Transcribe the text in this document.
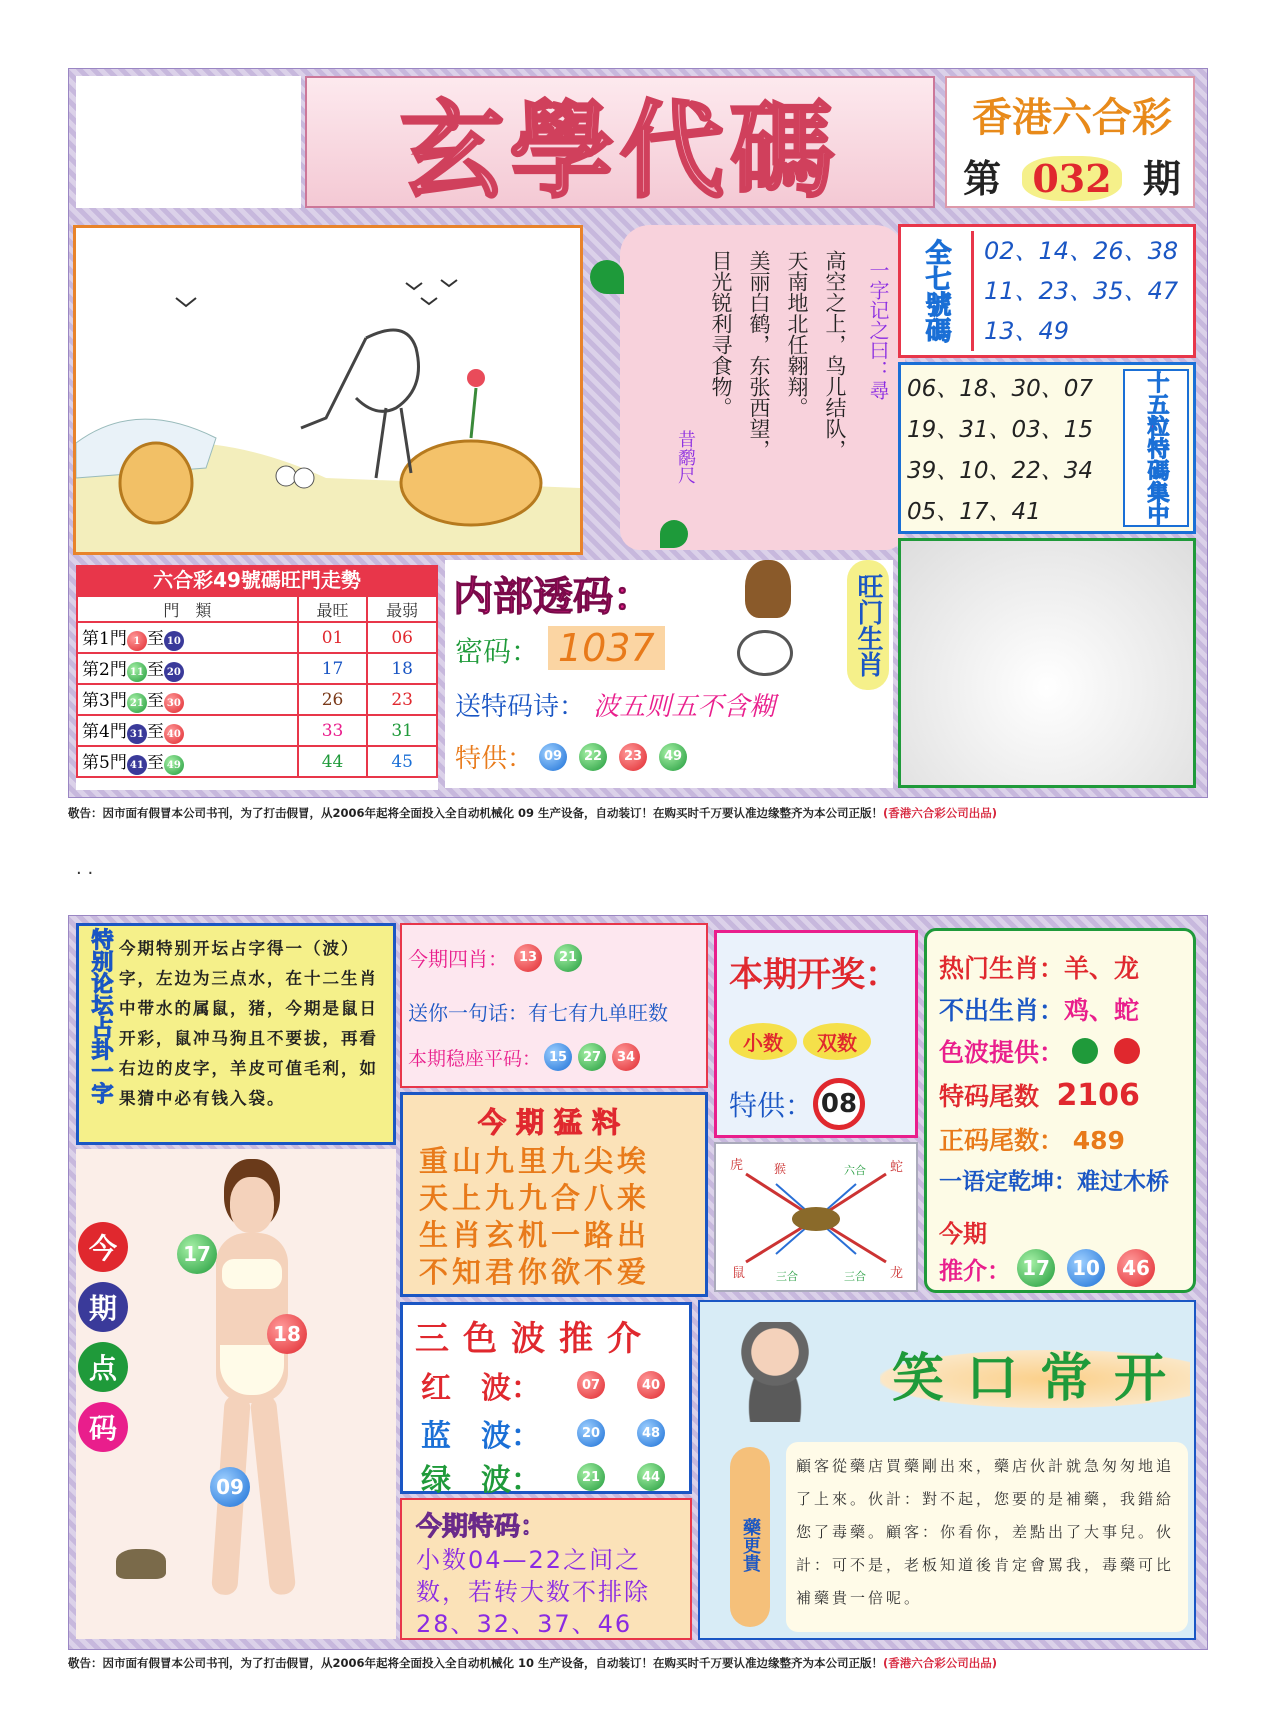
玄學代碼	香港六合彩
第 032 期
一字记之曰：尋
高空之上，鸟儿结队，
天南地北任翱翔。
美丽白鹤，东张西望，
目光锐利寻食物。
昔鹬尺
全七號碼	02、14、26、38
11、23、35、47
13、49
06、18、30、07
19、31、03、15
39、10、22、34
05、17、41	十五粒特碼集中
六合彩49號碼旺門走勢
門　類	最旺	最弱
第1門 1 至 10	01	06
第2門 11 至 20	17	18
第3門 21 至 30	26	23
第4門 31 至 40	33	31
第5門 41 至 49	44	45
内部透码：
密码： 1037
送特码诗： 波五则五不含糊
特供： 09	22	23	49
旺门生肖
敬告：因市面有假冒本公司书刊，为了打击假冒，从2006年起将全面投入全自动机械化 09 生产设备，自动装订！在购买时千万要认准边缘整齐为本公司正版！(香港六合彩公司出品)
. .
特别论坛占卦一字 今期特别开坛占字得一（波）字，左边为三点水，在十二生肖中带水的属鼠，猪，今期是鼠日开彩，鼠冲马狗且不要拔，再看右边的皮字，羊皮可值毛利，如果猜中必有钱入袋。
今期四肖： 13	21
送你一句话：有七有九单旺数
本期稳座平码： 15	27	34
本期开奖：
小数	双数
特供： 08
热门生肖：羊、龙
不出生肖：鸡、蛇
色波提供：
特码尾数 2106
正码尾数： 489
一语定乾坤：难过木桥
今期
推介： 17 10 46
今期猛料
重山九里九尖埃
天上九九合八来
生肖玄机一路出
不知君你欲不爱
虎	猴	六合 蛇
鼠	三合	三合 龙
17
18
09
今
期
点
码
三色波推介
红　波：	07	40
蓝　波：	20	48
绿　波：	21	44
今期特码：
小数04—22之间之数，若转大数不排除28、32、37、46
笑口常开
藥更貴
顧客從藥店買藥剛出來，藥店伙計就急匆匆地追了上來。伙計：對不起，您要的是補藥，我錯給您了毒藥。顧客：你看你，差點出了大事兒。伙計：可不是，老板知道後肯定會罵我，毒藥可比補藥貴一倍呢。
敬告：因市面有假冒本公司书刊，为了打击假冒，从2006年起将全面投入全自动机械化 10 生产设备，自动装订！在购买时千万要认准边缘整齐为本公司正版！(香港六合彩公司出品)
